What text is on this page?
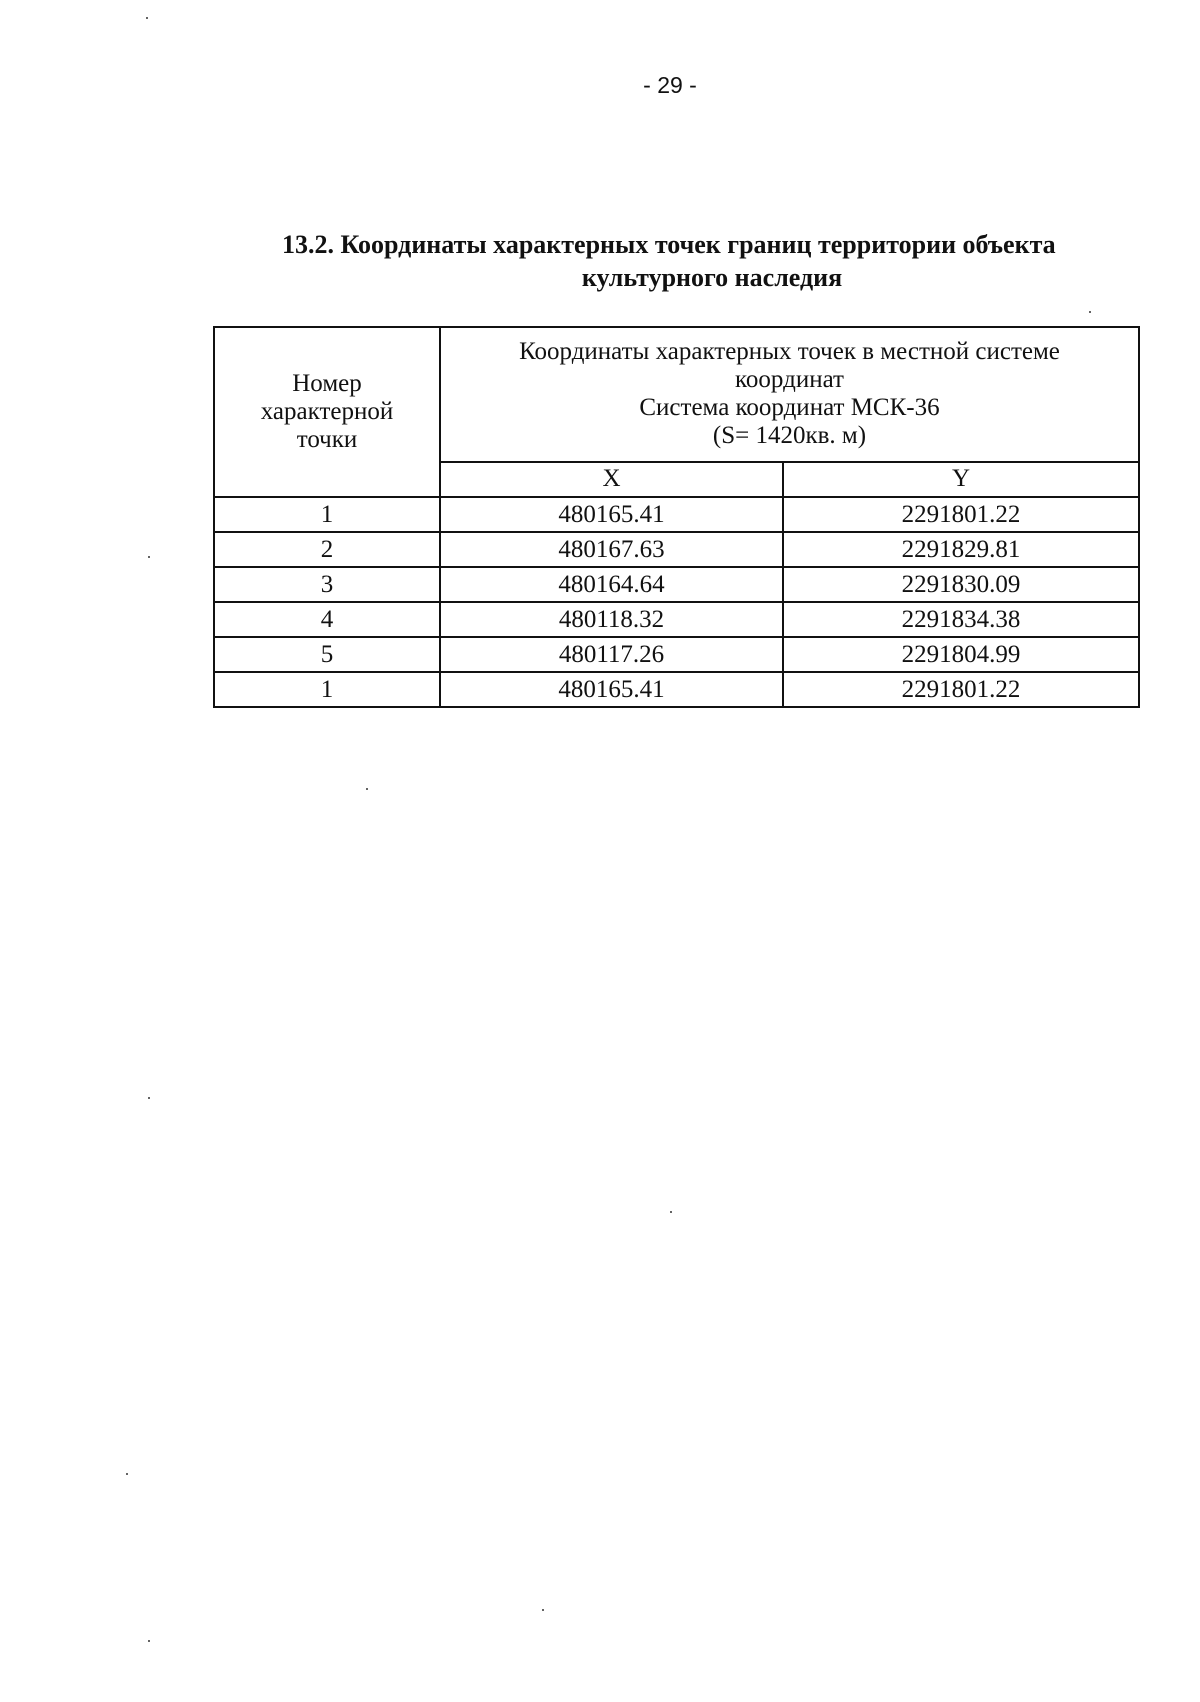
- 29 -
13.2. Координаты характерных точек границ территории объекта
культурного наследия
Номер
характерной
точки	Координаты характерных точек в местной системе
координат
Система координат МСК-36
(S= 1420кв. м)	

	X	Y
1	480165.41	2291801.22
2	480167.63	2291829.81
3	480164.64	2291830.09
4	480118.32	2291834.38
5	480117.26	2291804.99
1	480165.41	2291801.22
